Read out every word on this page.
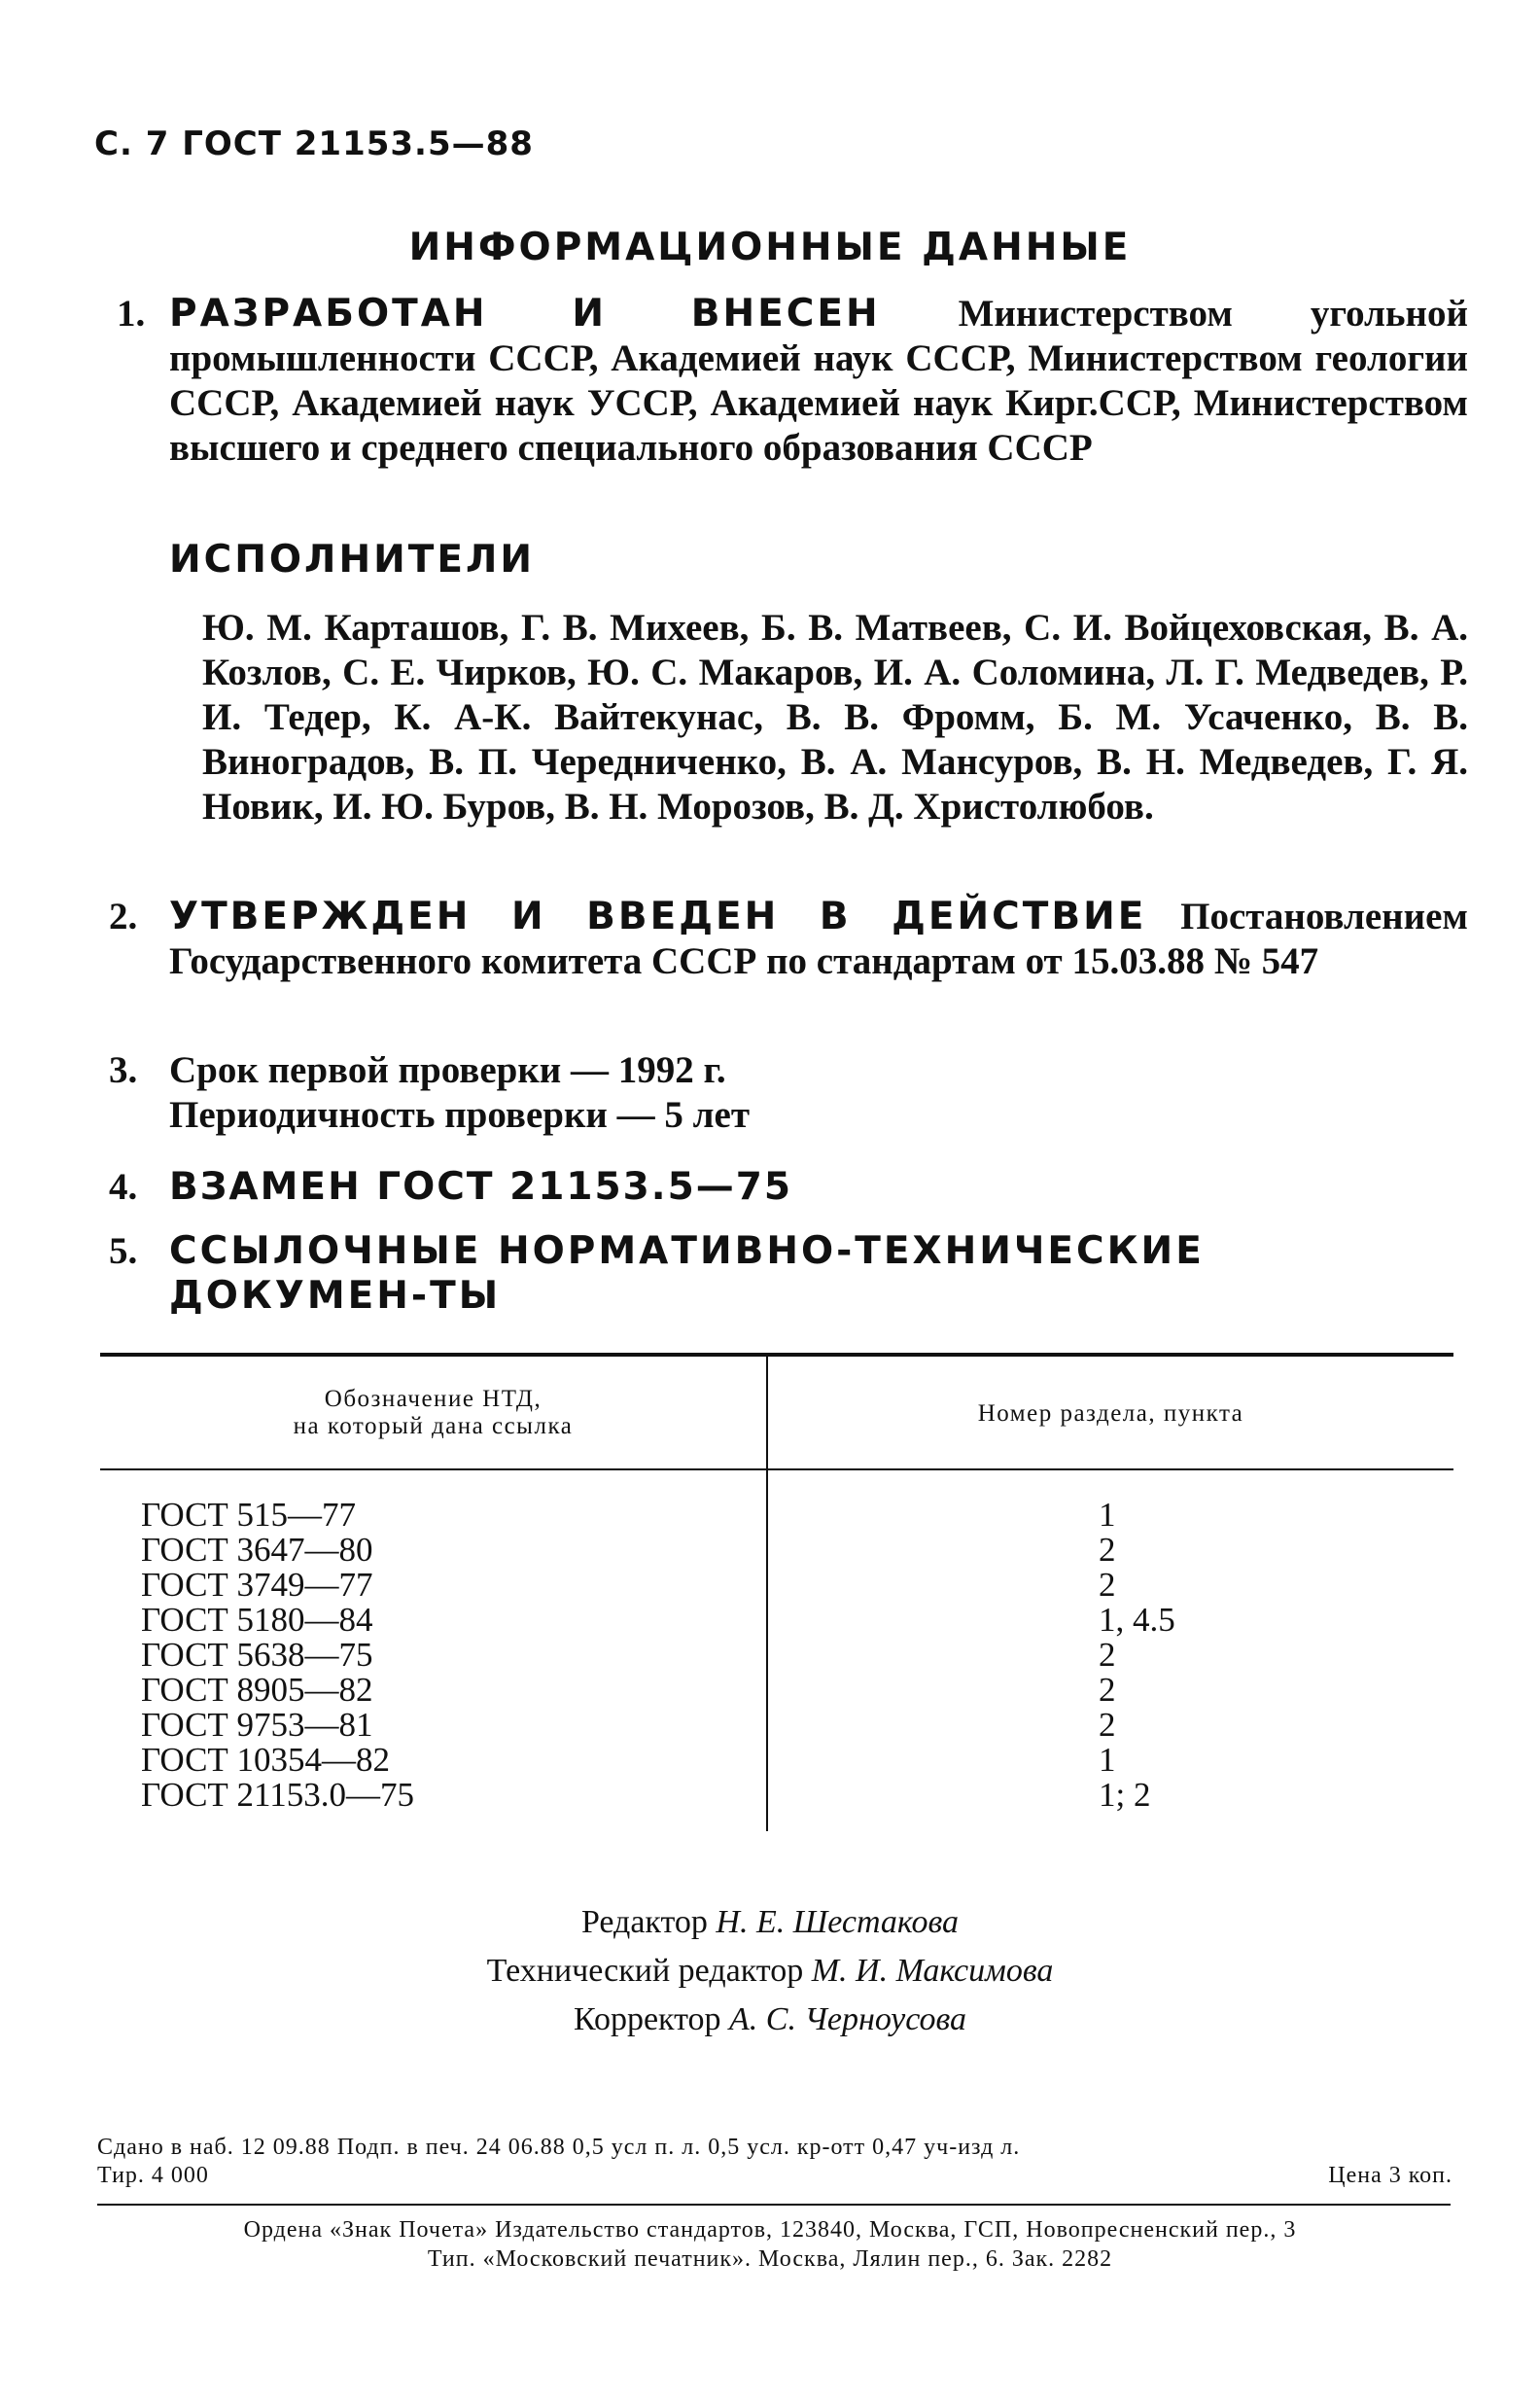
С. 7 ГОСТ 21153.5—88
ИНФОРМАЦИОННЫЕ ДАННЫЕ
1. РАЗРАБОТАН И ВНЕСЕН Министерством угольной промышленности СССР, Академией наук СССР, Министерством геологии СССР, Академией наук УССР, Академией наук Кирг.ССР, Министерством высшего и среднего специального образования СССР
ИСПОЛНИТЕЛИ
Ю. М. Карташов, Г. В. Михеев, Б. В. Матвеев, С. И. Войцеховская, В. А. Козлов, С. Е. Чирков, Ю. С. Макаров, И. А. Соломина, Л. Г. Медведев, Р. И. Тедер, К. А-К. Вайтекунас, В. В. Фромм, Б. М. Усаченко, В. В. Виноградов, В. П. Чередниченко, В. А. Мансуров, В. Н. Медведев, Г. Я. Новик, И. Ю. Буров, В. Н. Морозов, В. Д. Христолюбов.
2. УТВЕРЖДЕН И ВВЕДЕН В ДЕЙСТВИЕ Постановлением Государственного комитета СССР по стандартам от 15.03.88 № 547
3. Срок первой проверки — 1992 г.
Периодичность проверки — 5 лет
4. ВЗАМЕН ГОСТ 21153.5—75
5. ССЫЛОЧНЫЕ НОРМАТИВНО-ТЕХНИЧЕСКИЕ ДОКУМЕН-ТЫ
Обозначение НТД,
на который дана ссылка	Номер раздела, пункта
ГОСТ 515—77	1
ГОСТ 3647—80	2
ГОСТ 3749—77	2
ГОСТ 5180—84	1, 4.5
ГОСТ 5638—75	2
ГОСТ 8905—82	2
ГОСТ 9753—81	2
ГОСТ 10354—82	1
ГОСТ 21153.0—75	1; 2
Редактор Н. Е. Шестакова
Технический редактор М. И. Максимова
Корректор А. С. Черноусова
Сдано в наб. 12 09.88 Подп. в печ. 24 06.88 0,5 усл п. л. 0,5 усл. кр-отт 0,47 уч-изд л.
Тир. 4 000	Цена 3 коп.
Ордена «Знак Почета» Издательство стандартов, 123840, Москва, ГСП, Новопресненский пер., 3
Тип. «Московский печатник». Москва, Лялин пер., 6. Зак. 2282
